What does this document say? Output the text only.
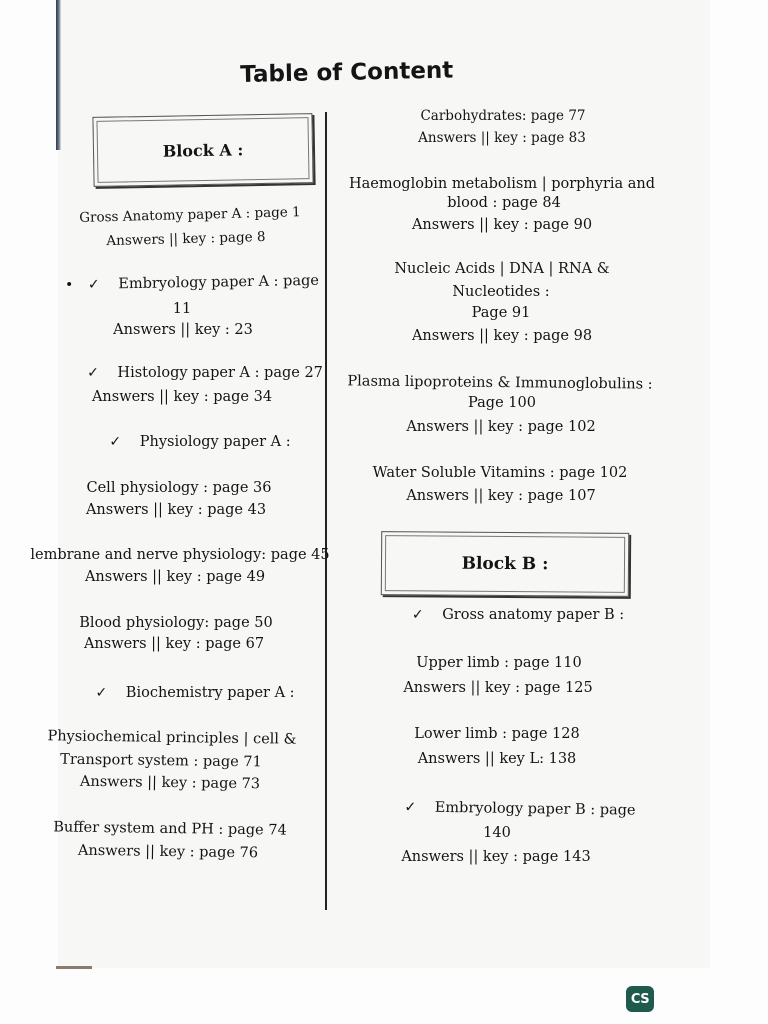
Table of Content
Block A :
Gross Anatomy paper A : page 1
Answers || key : page 8
• ✓ Embryology paper A : page
11
Answers || key : 23
✓ Histology paper A : page 27
Answers || key : page 34
✓ Physiology paper A :
Cell physiology : page 36
Answers || key : page 43
lembrane and nerve physiology: page 45
Answers || key : page 49
Blood physiology: page 50
Answers || key : page 67
✓ Biochemistry paper A :
Physiochemical principles | cell &
Transport system : page 71
Answers || key : page 73
Buffer system and PH : page 74
Answers || key : page 76
Carbohydrates: page 77
Answers || key : page 83
Haemoglobin metabolism | porphyria and
blood : page 84
Answers || key : page 90
Nucleic Acids | DNA | RNA &
Nucleotides :
Page 91
Answers || key : page 98
Plasma lipoproteins & Immunoglobulins :
Page 100
Answers || key : page 102
Water Soluble Vitamins : page 102
Answers || key : page 107
Block B :
✓ Gross anatomy paper B :
Upper limb : page 110
Answers || key : page 125
Lower limb : page 128
Answers || key L: 138
✓ Embryology paper B : page
140
Answers || key : page 143
CS
